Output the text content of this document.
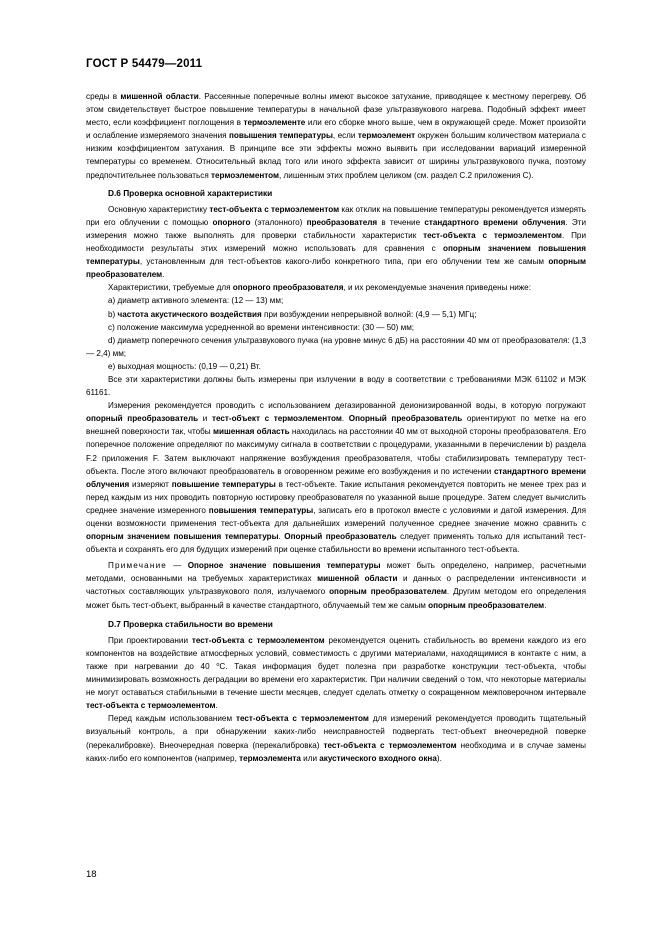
ГОСТ Р 54479—2011

среды в мишенной области. Рассеянные поперечные волны имеют высокое затухание, приводящее к местному перегреву. Об этом свидетельствует быстрое повышение температуры в начальной фазе ультразвукового нагрева. Подобный эффект имеет место, если коэффициент поглощения в термоэлементе или его сборке много выше, чем в окружающей среде. Может произойти и ослабление измеряемого значения повышения температуры, если термоэлемент окружен большим количеством материала с низким коэффициентом затухания. В принципе все эти эффекты можно выявить при исследовании вариаций измеренной температуры со временем. Относительный вклад того или иного эффекта зависит от ширины ультразвукового пучка, поэтому предпочтительнее пользоваться термоэлементом, лишенным этих проблем целиком (см. раздел С.2 приложения С).

D.6 Проверка основной характеристики

Основную характеристику тест-объекта с термоэлементом как отклик на повышение температуры рекомендуется измерять при его облучении с помощью опорного (эталонного) преобразователя в течение стандартного времени облучения. Эти измерения можно также выполнять для проверки стабильности характеристик тест-объекта с термоэлементом. При необходимости результаты этих измерений можно использовать для сравнения с опорным значением повышения температуры, установленным для тест-объектов какого-либо конкретного типа, при его облучении тем же самым опорным преобразователем.

Характеристики, требуемые для опорного преобразователя, и их рекомендуемые значения приведены ниже:

а) диаметр активного элемента: (12 — 13) мм;

b) частота акустического воздействия при возбуждении непрерывной волной: (4,9 — 5,1) МГц;

с) положение максимума усредненной во времени интенсивности: (30 — 50) мм;

d) диаметр поперечного сечения ультразвукового пучка (на уровне минус 6 дБ) на расстоянии 40 мм от преобразователя: (1,3 — 2,4) мм;

е) выходная мощность: (0,19 — 0,21) Вт.

Все эти характеристики должны быть измерены при излучении в воду в соответствии с требованиями МЭК 61102 и МЭК 61161.

Измерения рекомендуется проводить с использованием дегазированной деионизированной воды, в которую погружают опорный преобразователь и тест-объект с термоэлементом. Опорный преобразователь ориентируют по метке на его внешней поверхности так, чтобы мишенная область находилась на расстоянии 40 мм от выходной стороны преобразователя. Его поперечное положение определяют по максимуму сигнала в соответствии с процедурами, указанными в перечислении b) раздела F.2 приложения F. Затем выключают напряжение возбуждения преобразователя, чтобы стабилизировать температуру тест-объекта. После этого включают преобразователь в оговоренном режиме его возбуждения и по истечении стандартного времени облучения измеряют повышение температуры в тест-объекте. Такие испытания рекомендуется повторить не менее трех раз и перед каждым из них проводить повторную юстировку преобразователя по указанной выше процедуре. Затем следует вычислить среднее значение измеренного повышения температуры, записать его в протокол вместе с условиями и датой измерения. Для оценки возможности применения тест-объекта для дальнейших измерений полученное среднее значение можно сравнить с опорным значением повышения температуры. Опорный преобразователь следует применять только для испытаний тест-объекта и сохранять его для будущих измерений при оценке стабильности во времени испытанного тест-объекта.

Примечание — Опорное значение повышения температуры может быть определено, например, расчетными методами, основанными на требуемых характеристиках мишенной области и данных о распределении интенсивности и частотных составляющих ультразвукового поля, излучаемого опорным преобразователем. Другим методом его определения может быть тест-объект, выбранный в качестве стандартного, облучаемый тем же самым опорным преобразователем.

D.7 Проверка стабильности во времени

При проектировании тест-объекта с термоэлементом рекомендуется оценить стабильность во времени каждого из его компонентов на воздействие атмосферных условий, совместимость с другими материалами, находящимися в контакте с ним, а также при нагревании до 40 $^о$С. Такая информация будет полезна при разработке конструкции тест-объекта, чтобы минимизировать возможность деградации во времени его характеристик. При наличии сведений о том, что некоторые материалы не могут оставаться стабильными в течение шести месяцев, следует сделать отметку о сокращенном межповерочном интервале тест-объекта с термоэлементом.

Перед каждым использованием тест-объекта с термоэлементом для измерений рекомендуется проводить тщательный визуальный контроль, а при обнаружении каких-либо неисправностей подвергать тест-объект внеочередной поверке (перекалибровке). Внеочередная поверка (перекалибровка) тест-объекта с термоэлементом необходима и в случае замены каких-либо его компонентов (например, термоэлемента или акустического входного окна).

18
